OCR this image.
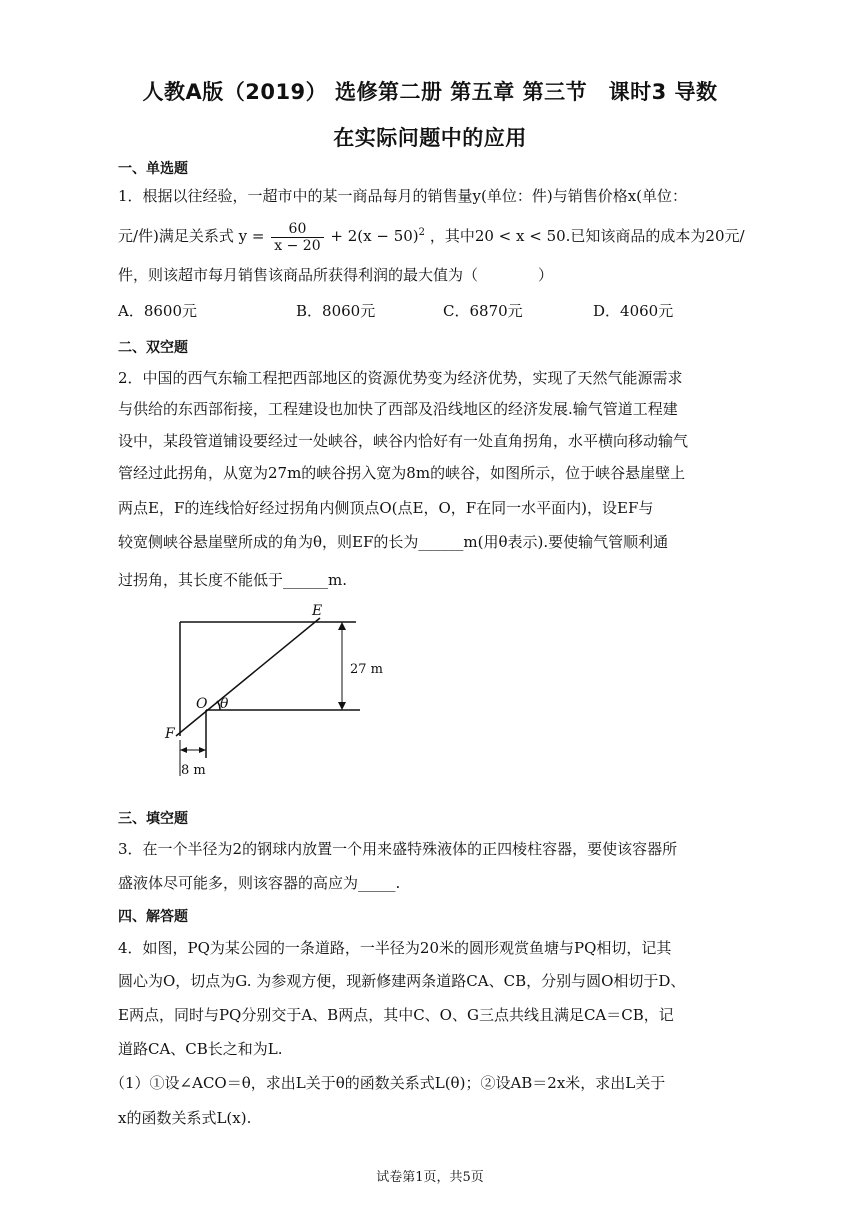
人教A版（2019） 选修第二册 第五章 第三节　课时3 导数
在实际问题中的应用
一、单选题
1．根据以往经验，一超市中的某一商品每月的销售量y(单位：件)与销售价格x(单位：
元/件)满足关系式 $y = \frac{60}{x - 20} + 2(x - 50)^2$ ，其中20 < x < 50.已知该商品的成本为20元/
件，则该超市每月销售该商品所获得利润的最大值为（　　　　）
A．8600元	B．8060元	C．6870元	D．4060元
二、双空题
2．中国的西气东输工程把西部地区的资源优势变为经济优势，实现了天然气能源需求
与供给的东西部衔接，工程建设也加快了西部及沿线地区的经济发展.输气管道工程建
设中，某段管道铺设要经过一处峡谷，峡谷内恰好有一处直角拐角，水平横向移动输气
管经过此拐角，从宽为27m的峡谷拐入宽为8m的峡谷，如图所示，位于峡谷悬崖壁上
两点E，F的连线恰好经过拐角内侧顶点O(点E，O，F在同一水平面内)，设EF与
较宽侧峡谷悬崖壁所成的角为θ，则EF的长为______m(用θ表示).要使输气管顺利通
过拐角，其长度不能低于______m.
E
O θ
F
27 m
8 m
三、填空题
3．在一个半径为2的钢球内放置一个用来盛特殊液体的正四棱柱容器，要使该容器所
盛液体尽可能多，则该容器的高应为_____.
四、解答题
4．如图，PQ为某公园的一条道路，一半径为20米的圆形观赏鱼塘与PQ相切，记其
圆心为O，切点为G. 为参观方便，现新修建两条道路CA、CB，分别与圆O相切于D、
E两点，同时与PQ分别交于A、B两点，其中C、O、G三点共线且满足CA＝CB，记
道路CA、CB长之和为L.
（1）①设∠ACO＝θ，求出L关于θ的函数关系式L(θ)；②设AB＝2x米，求出L关于
x的函数关系式L(x).
试卷第1页，共5页
